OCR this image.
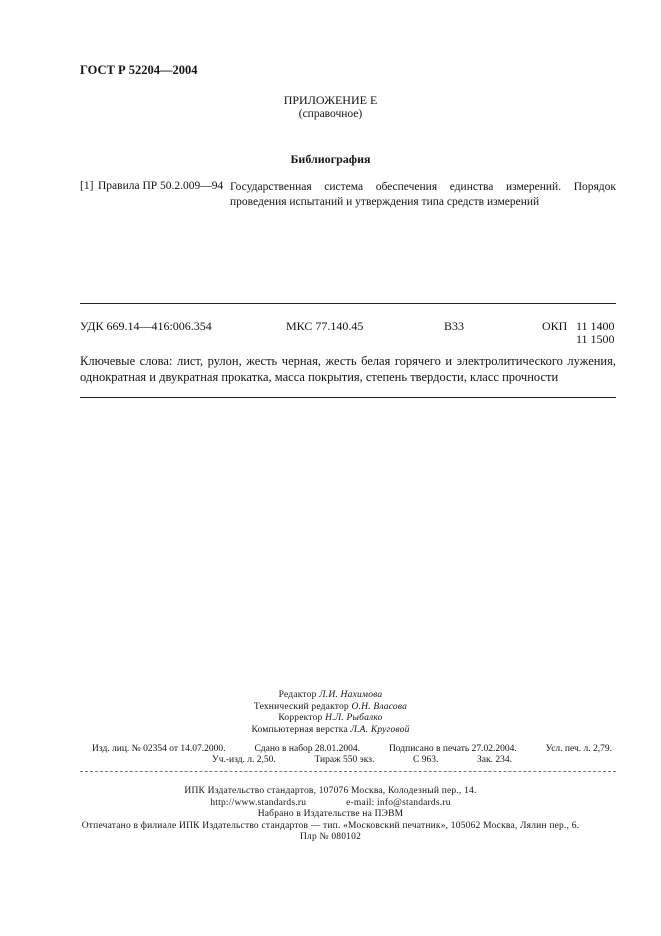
ГОСТ Р 52204—2004
ПРИЛОЖЕНИЕ Е
(справочное)
Библиография
[1] Правила ПР 50.2.009—94 Государственная система обеспечения единства измерений. Порядок проведения испытаний и утверждения типа средств измерений
УДК 669.14—416:006.354	МКС 77.140.45	В33	ОКП 11 1400
11 1500
Ключевые слова: лист, рулон, жесть черная, жесть белая горячего и электролитического лужения, однократная и двукратная прокатка, масса покрытия, степень твердости, класс прочности
Редактор Л.И. Нахимова
Технический редактор О.Н. Власова
Корректор Н.Л. Рыбалко
Компьютерная верстка Л.А. Круговой
Изд. лиц. № 02354 от 14.07.2000.	Сдано в набор 28.01.2004.	Подписано в печать 27.02.2004.	Усл. печ. л. 2,79.
Уч.-изд. л. 2,50.	Тираж 550 экз.	С 963.	Зак. 234.
ИПК Издательство стандартов, 107076 Москва, Колодезный пер., 14.
http://www.standards.ru	e-mail: info@standards.ru
Набрано в Издательстве на ПЭВМ
Отпечатано в филиале ИПК Издательство стандартов — тип. «Московский печатник», 105062 Москва, Лялин пер., 6.
Плр № 080102
